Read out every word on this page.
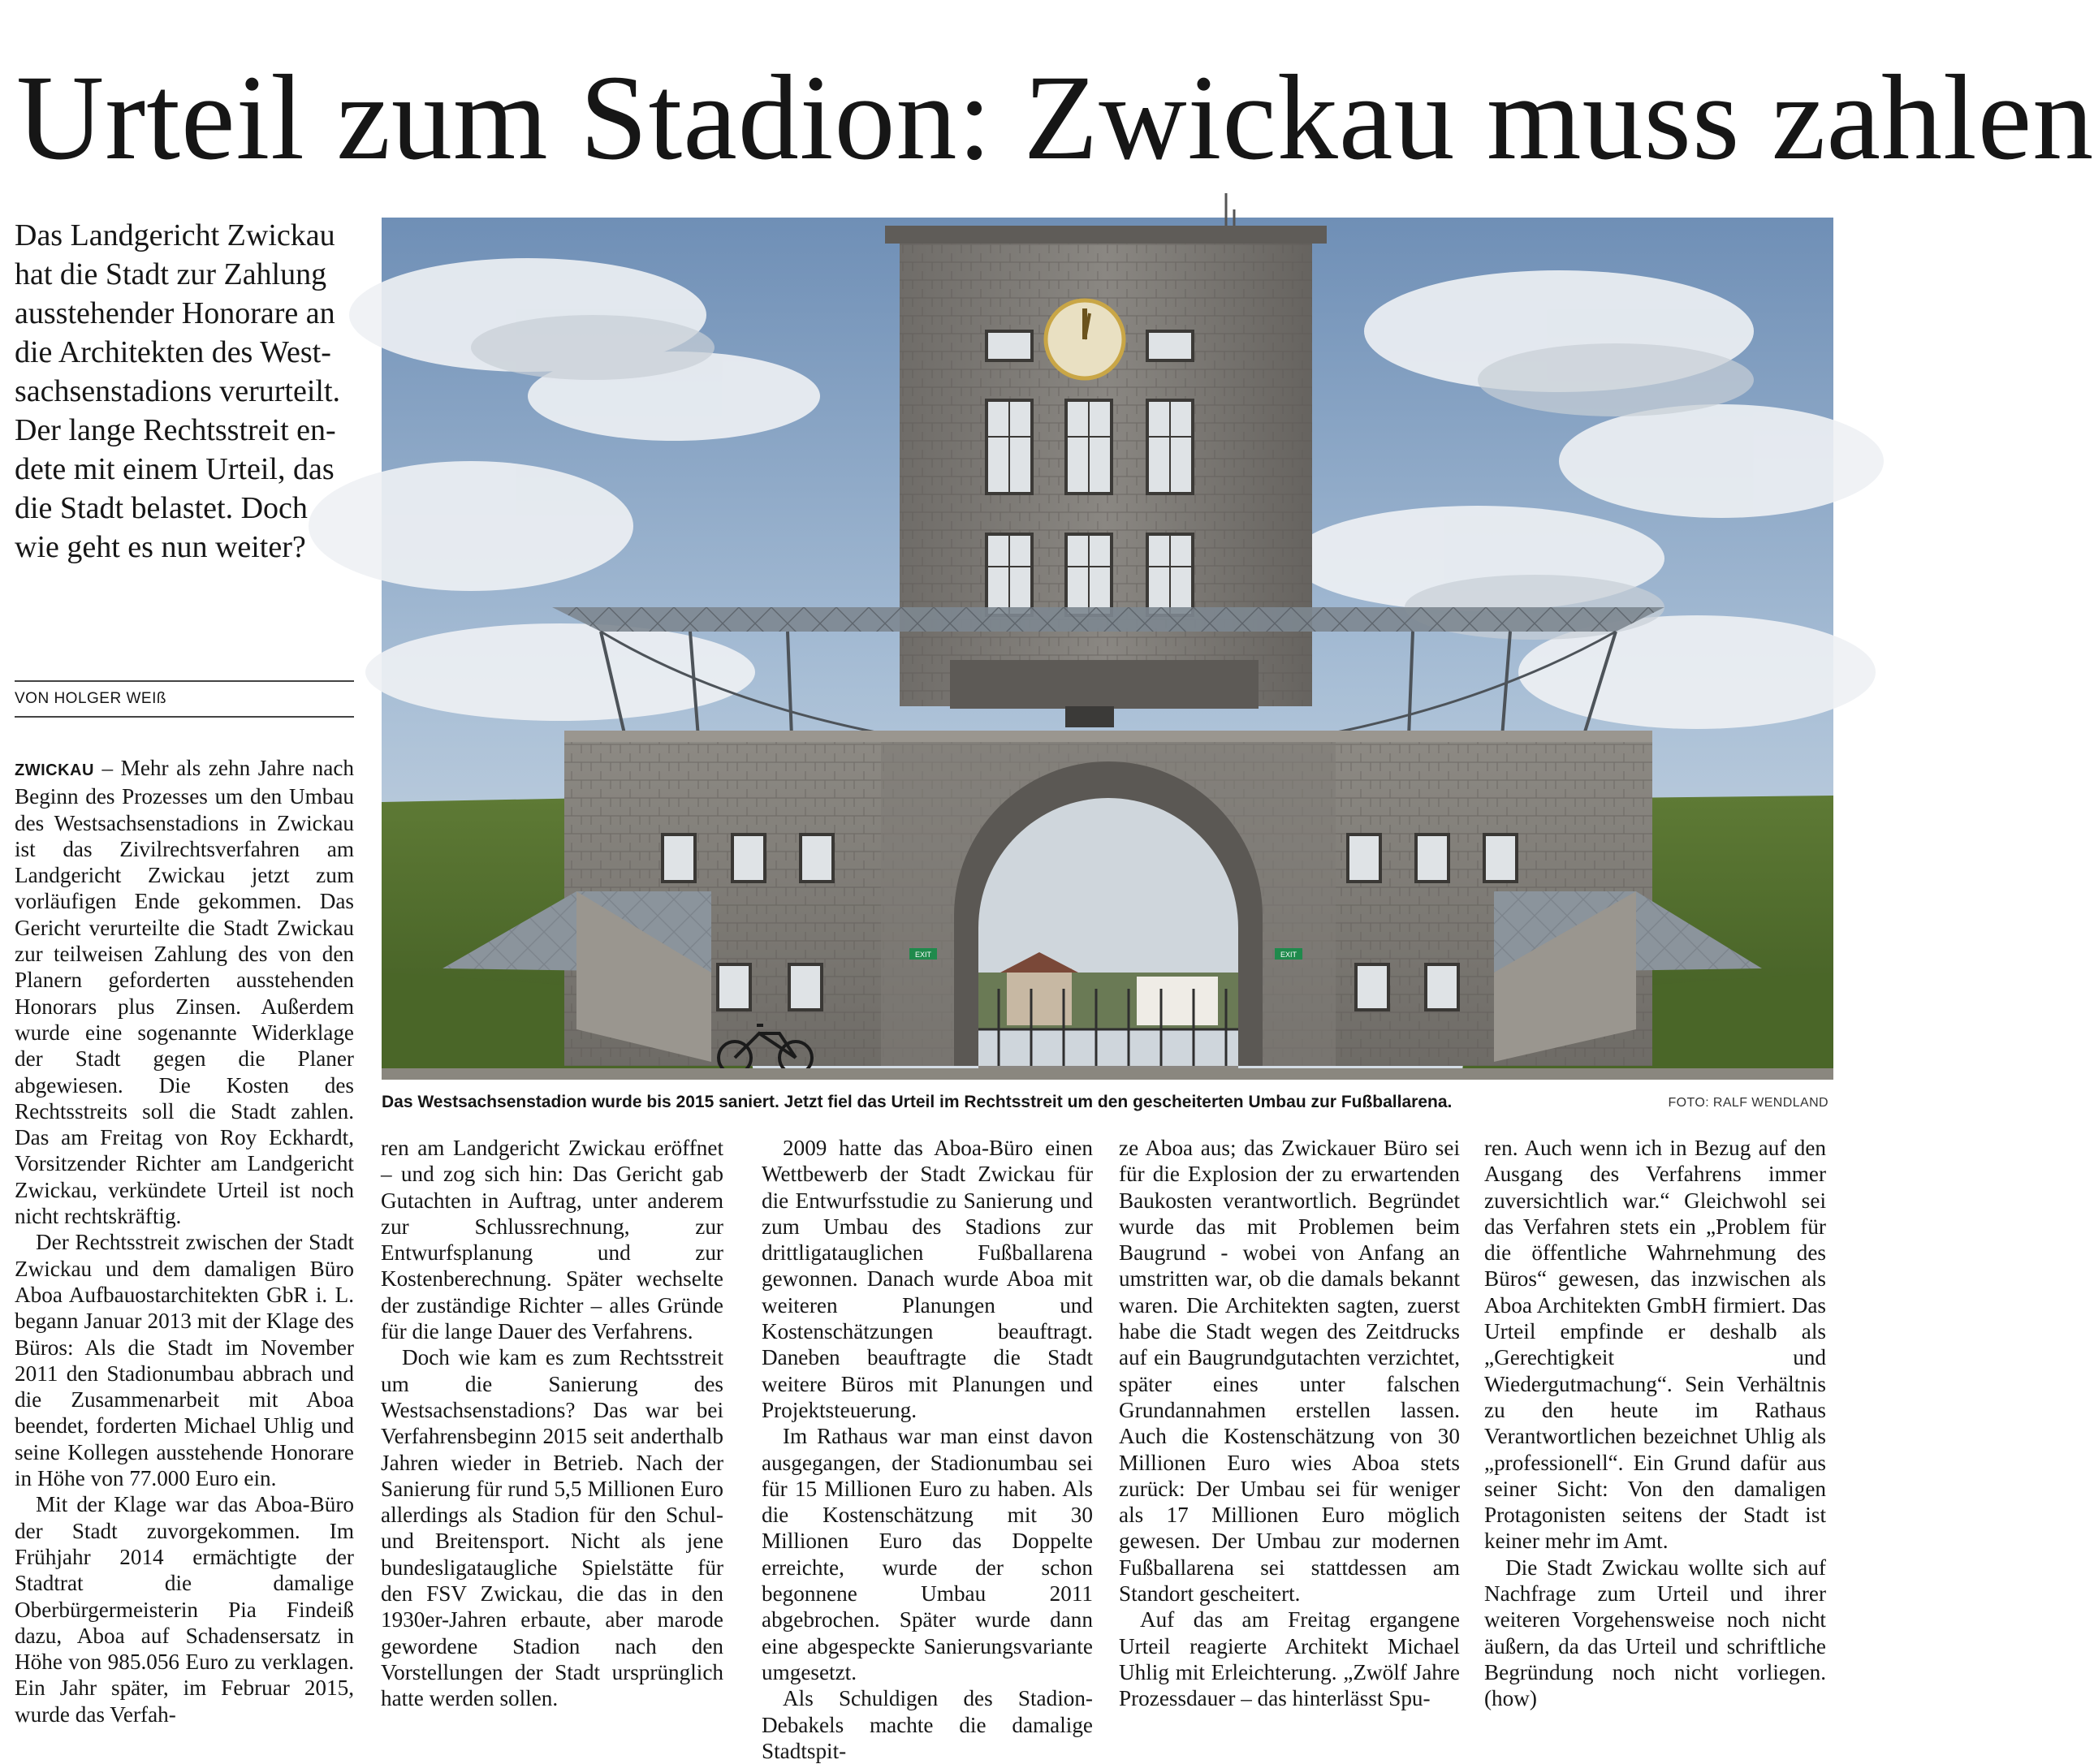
Urteil zum Stadion: Zwickau muss zahlen
Das Landgericht Zwickau
hat die Stadt zur Zahlung
ausstehender Honorare an
die Architekten des West-
sachsenstadions verurteilt.
Der lange Rechtsstreit en-
dete mit einem Urteil, das
die Stadt belastet. Doch
wie geht es nun weiter?
VON HOLGER WEIß

ZWICKAU – Mehr als zehn Jahre nach Beginn des Prozesses um den Umbau des Westsachsenstadions in Zwickau ist das Zivilrechtsverfahren am Landgericht Zwickau jetzt zum vorläufigen Ende gekommen. Das Gericht verurteilte die Stadt Zwickau zur teilweisen Zahlung des von den Planern geforderten ausstehenden Honorars plus Zinsen. Außerdem wurde eine sogenannte Widerklage der Stadt gegen die Planer abgewiesen. Die Kosten des Rechtsstreits soll die Stadt zahlen. Das am Freitag von Roy Eckhardt, Vorsitzender Richter am Landgericht Zwickau, verkündete Urteil ist noch nicht rechtskräftig.

Der Rechtsstreit zwischen der Stadt Zwickau und dem damaligen Büro Aboa Aufbauostarchitekten GbR i. L. begann Januar 2013 mit der Klage des Büros: Als die Stadt im November 2011 den Stadionumbau abbrach und die Zusammenarbeit mit Aboa beendet, forderten Michael Uhlig und seine Kollegen ausstehende Honorare in Höhe von 77.000 Euro ein.

Mit der Klage war das Aboa-Büro der Stadt zuvorgekommen. Im Frühjahr 2014 ermächtigte der Stadtrat die damalige Oberbürgermeisterin Pia Findeiß dazu, Aboa auf Schadensersatz in Höhe von 985.056 Euro zu verklagen. Ein Jahr später, im Februar 2015, wurde das Verfah-

EXIT	EXIT
Das Westsachsenstadion wurde bis 2015 saniert. Jetzt fiel das Urteil im Rechtsstreit um den gescheiterten Umbau zur Fußballarena.	FOTO: RALF WENDLAND

ren am Landgericht Zwickau eröffnet – und zog sich hin: Das Gericht gab Gutachten in Auftrag, unter anderem zur Schlussrechnung, zur Entwurfsplanung und zur Kostenberechnung. Später wechselte der zuständige Richter – alles Gründe für die lange Dauer des Verfahrens.

Doch wie kam es zum Rechtsstreit um die Sanierung des Westsachsenstadions? Das war bei Verfahrensbeginn 2015 seit anderthalb Jahren wieder in Betrieb. Nach der Sanierung für rund 5,5 Millionen Euro allerdings als Stadion für den Schul- und Breitensport. Nicht als jene bundesligataugliche Spielstätte für den FSV Zwickau, die das in den 1930er-Jahren erbaute, aber marode gewordene Stadion nach den Vorstellungen der Stadt ursprünglich hatte werden sollen.

2009 hatte das Aboa-Büro einen Wettbewerb der Stadt Zwickau für die Entwurfsstudie zu Sanierung und zum Umbau des Stadions zur drittligatauglichen Fußballarena gewonnen. Danach wurde Aboa mit weiteren Planungen und Kostenschätzungen beauftragt. Daneben beauftragte die Stadt weitere Büros mit Planungen und Projektsteuerung.

Im Rathaus war man einst davon ausgegangen, der Stadionumbau sei für 15 Millionen Euro zu haben. Als die Kostenschätzung mit 30 Millionen Euro das Doppelte erreichte, wurde der schon begonnene Umbau 2011 abgebrochen. Später wurde dann eine abgespeckte Sanierungsvariante umgesetzt.

Als Schuldigen des Stadion-Debakels machte die damalige Stadtspit-

ze Aboa aus; das Zwickauer Büro sei für die Explosion der zu erwartenden Baukosten verantwortlich. Begründet wurde das mit Problemen beim Baugrund - wobei von Anfang an umstritten war, ob die damals bekannt waren. Die Architekten sagten, zuerst habe die Stadt wegen des Zeitdrucks auf ein Baugrundgutachten verzichtet, später eines unter falschen Grundannahmen erstellen lassen. Auch die Kostenschätzung von 30 Millionen Euro wies Aboa stets zurück: Der Umbau sei für weniger als 17 Millionen Euro möglich gewesen. Der Umbau zur modernen Fußballarena sei stattdessen am Standort gescheitert.

Auf das am Freitag ergangene Urteil reagierte Architekt Michael Uhlig mit Erleichterung. „Zwölf Jahre Prozessdauer – das hinterlässt Spu-

ren. Auch wenn ich in Bezug auf den Ausgang des Verfahrens immer zuversichtlich war.“ Gleichwohl sei das Verfahren stets ein „Problem für die öffentliche Wahrnehmung des Büros“ gewesen, das inzwischen als Aboa Architekten GmbH firmiert. Das Urteil empfinde er deshalb als „Gerechtigkeit und Wiedergutmachung“. Sein Verhältnis zu den heute im Rathaus Verantwortlichen bezeichnet Uhlig als „professionell“. Ein Grund dafür aus seiner Sicht: Von den damaligen Protagonisten seitens der Stadt ist keiner mehr im Amt.

Die Stadt Zwickau wollte sich auf Nachfrage zum Urteil und ihrer weiteren Vorgehensweise noch nicht äußern, da das Urteil und schriftliche Begründung noch nicht vorliegen. (how)
